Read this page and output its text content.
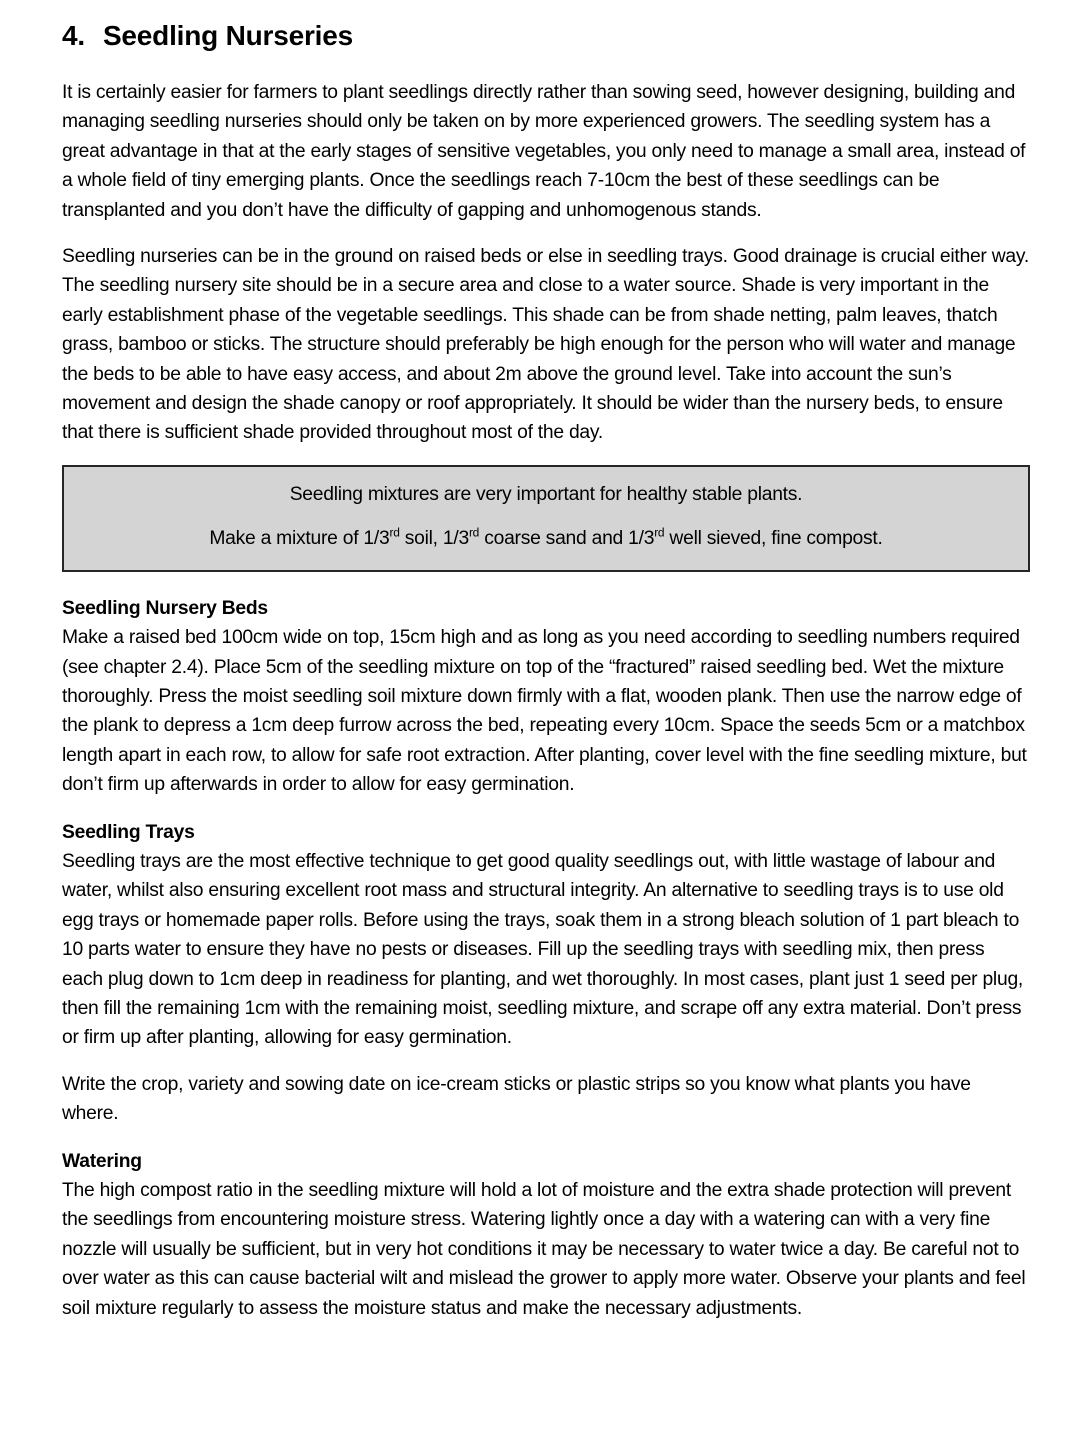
4. Seedling Nurseries

It is certainly easier for farmers to plant seedlings directly rather than sowing seed, however designing, building and managing seedling nurseries should only be taken on by more experienced growers. The seedling system has a great advantage in that at the early stages of sensitive vegetables, you only need to manage a small area, instead of a whole field of tiny emerging plants. Once the seedlings reach 7-10cm the best of these seedlings can be transplanted and you don’t have the difficulty of gapping and unhomogenous stands.

Seedling nurseries can be in the ground on raised beds or else in seedling trays. Good drainage is crucial either way. The seedling nursery site should be in a secure area and close to a water source. Shade is very important in the early establishment phase of the vegetable seedlings. This shade can be from shade netting, palm leaves, thatch grass, bamboo or sticks. The structure should preferably be high enough for the person who will water and manage the beds to be able to have easy access, and about 2m above the ground level. Take into account the sun’s movement and design the shade canopy or roof appropriately. It should be wider than the nursery beds, to ensure that there is sufficient shade provided throughout most of the day.

Seedling mixtures are very important for healthy stable plants.

Make a mixture of 1/3rd soil, 1/3rd coarse sand and 1/3rd well sieved, fine compost.

Seedling Nursery Beds

Make a raised bed 100cm wide on top, 15cm high and as long as you need according to seedling numbers required (see chapter 2.4). Place 5cm of the seedling mixture on top of the “fractured” raised seedling bed. Wet the mixture thoroughly. Press the moist seedling soil mixture down firmly with a flat, wooden plank. Then use the narrow edge of the plank to depress a 1cm deep furrow across the bed, repeating every 10cm. Space the seeds 5cm or a matchbox length apart in each row, to allow for safe root extraction. After planting, cover level with the fine seedling mixture, but don’t firm up afterwards in order to allow for easy germination.

Seedling Trays

Seedling trays are the most effective technique to get good quality seedlings out, with little wastage of labour and water, whilst also ensuring excellent root mass and structural integrity. An alternative to seedling trays is to use old egg trays or homemade paper rolls. Before using the trays, soak them in a strong bleach solution of 1 part bleach to 10 parts water to ensure they have no pests or diseases. Fill up the seedling trays with seedling mix, then press each plug down to 1cm deep in readiness for planting, and wet thoroughly. In most cases, plant just 1 seed per plug, then fill the remaining 1cm with the remaining moist, seedling mixture, and scrape off any extra material. Don’t press or firm up after planting, allowing for easy germination.

Write the crop, variety and sowing date on ice-cream sticks or plastic strips so you know what plants you have where.

Watering

The high compost ratio in the seedling mixture will hold a lot of moisture and the extra shade protection will prevent the seedlings from encountering moisture stress. Watering lightly once a day with a watering can with a very fine nozzle will usually be sufficient, but in very hot conditions it may be necessary to water twice a day. Be careful not to over water as this can cause bacterial wilt and mislead the grower to apply more water. Observe your plants and feel soil mixture regularly to assess the moisture status and make the necessary adjustments.
